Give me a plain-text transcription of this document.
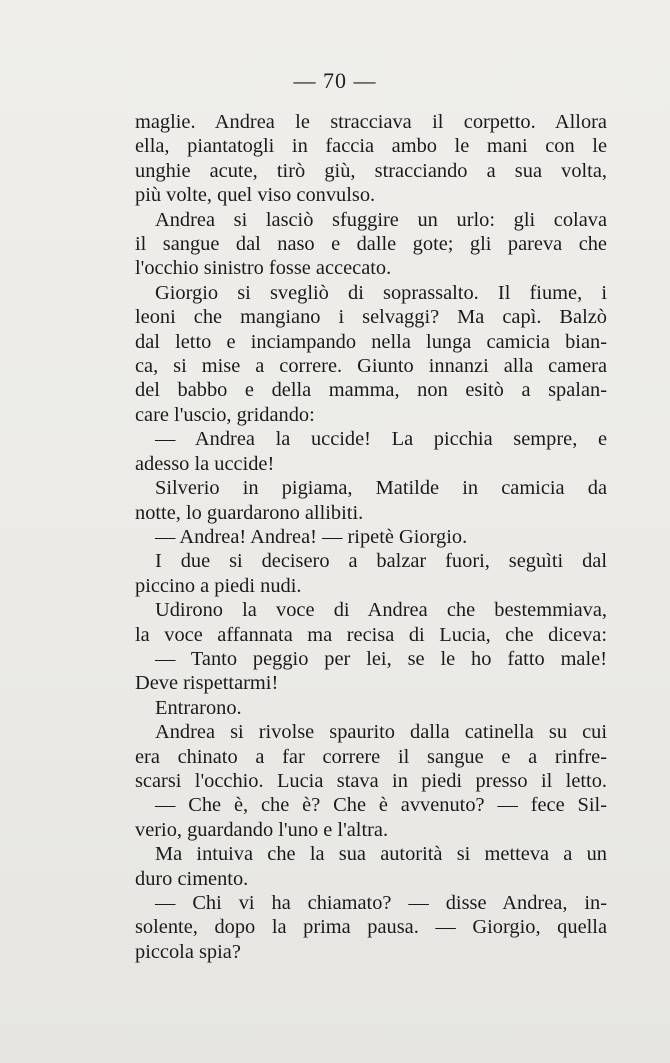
— 70 —
maglie. Andrea le stracciava il corpetto. Allora
ella, piantatogli in faccia ambo le mani con le
unghie acute, tirò giù, stracciando a sua volta,
più volte, quel viso convulso.
Andrea si lasciò sfuggire un urlo: gli colava
il sangue dal naso e dalle gote; gli pareva che
l'occhio sinistro fosse accecato.
Giorgio si svegliò di soprassalto. Il fiume, i
leoni che mangiano i selvaggi? Ma capì. Balzò
dal letto e inciampando nella lunga camicia bian-
ca, si mise a correre. Giunto innanzi alla camera
del babbo e della mamma, non esitò a spalan-
care l'uscio, gridando:
— Andrea la uccide! La picchia sempre, e
adesso la uccide!
Silverio in pigiama, Matilde in camicia da
notte, lo guardarono allibiti.
— Andrea! Andrea! — ripetè Giorgio.
I due si decisero a balzar fuori, seguìti dal
piccino a piedi nudi.
Udirono la voce di Andrea che bestemmiava,
la voce affannata ma recisa di Lucia, che diceva:
— Tanto peggio per lei, se le ho fatto male!
Deve rispettarmi!
Entrarono.
Andrea si rivolse spaurito dalla catinella su cui
era chinato a far correre il sangue e a rinfre-
scarsi l'occhio. Lucia stava in piedi presso il letto.
— Che è, che è? Che è avvenuto? — fece Sil-
verio, guardando l'uno e l'altra.
Ma intuiva che la sua autorità si metteva a un
duro cimento.
— Chi vi ha chiamato? — disse Andrea, in-
solente, dopo la prima pausa. — Giorgio, quella
piccola spia?
